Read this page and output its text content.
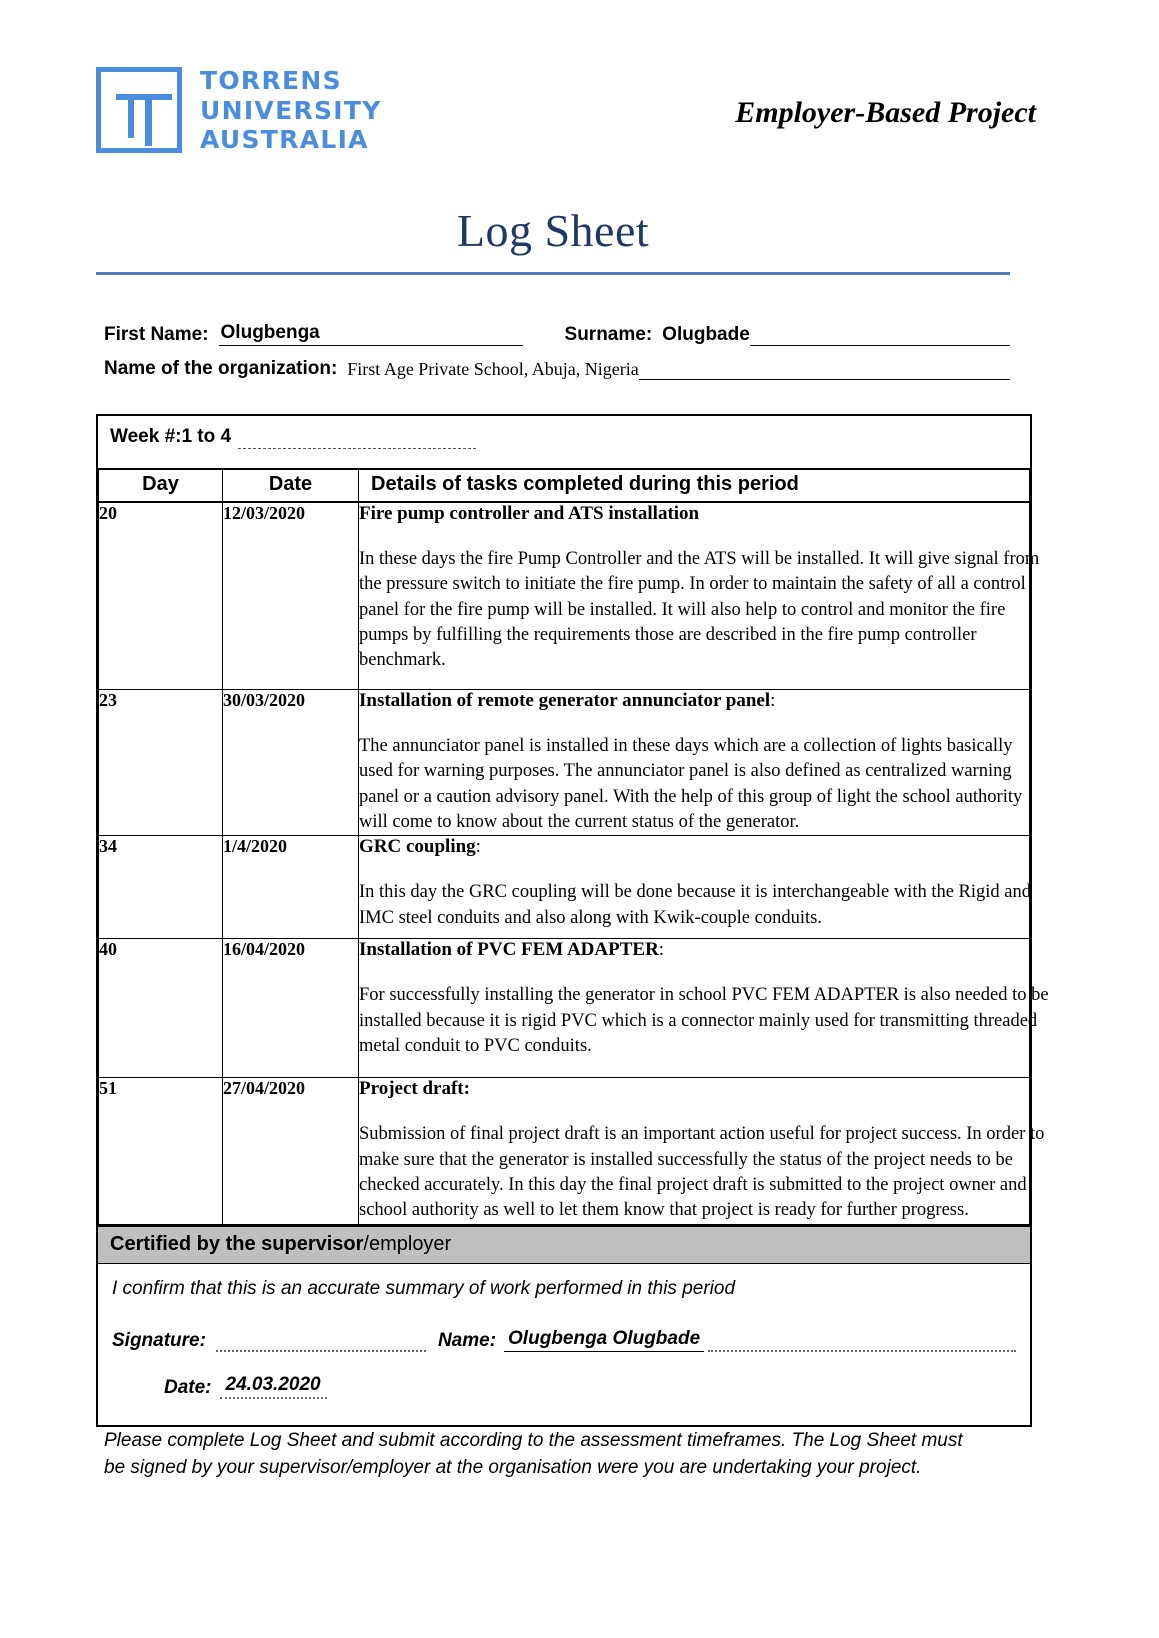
TORRENS
UNIVERSITY
AUSTRALIA
Employer-Based Project
Log Sheet
First Name: Olugbenga	Surname: Olugbade
Name of the organization: First Age Private School, Abuja, Nigeria
Week #:1 to 4
Day	Date	Details of tasks completed during this period
20	12/03/2020	Fire pump controller and ATS installation
In these days the fire Pump Controller and the ATS will be installed. It will give signal from the pressure switch to initiate the fire pump. In order to maintain the safety of all a control panel for the fire pump will be installed. It will also help to control and monitor the fire pumps by fulfilling the requirements those are described in the fire pump controller benchmark.

23	30/03/2020	Installation of remote generator annunciator panel:
The annunciator panel is installed in these days which are a collection of lights basically used for warning purposes. The annunciator panel is also defined as centralized warning panel or a caution advisory panel. With the help of this group of light the school authority will come to know about the current status of the generator.

34	1/4/2020	GRC coupling:
In this day the GRC coupling will be done because it is interchangeable with the Rigid and IMC steel conduits and also along with Kwik-couple conduits.

40	16/04/2020	Installation of PVC FEM ADAPTER:
For successfully installing the generator in school PVC FEM ADAPTER is also needed to be installed because it is rigid PVC which is a connector mainly used for transmitting threaded metal conduit to PVC conduits.

51	27/04/2020	Project draft:
Submission of final project draft is an important action useful for project success. In order to make sure that the generator is installed successfully the status of the project needs to be checked accurately. In this day the final project draft is submitted to the project owner and school authority as well to let them know that project is ready for further progress.
Certified by the supervisor/employer
I confirm that this is an accurate summary of work performed in this period
Signature:	Name: Olugbenga Olugbade
Date: 24.03.2020
Please complete Log Sheet and submit according to the assessment timeframes. The Log Sheet must
be signed by your supervisor/employer at the organisation were you are undertaking your project.
